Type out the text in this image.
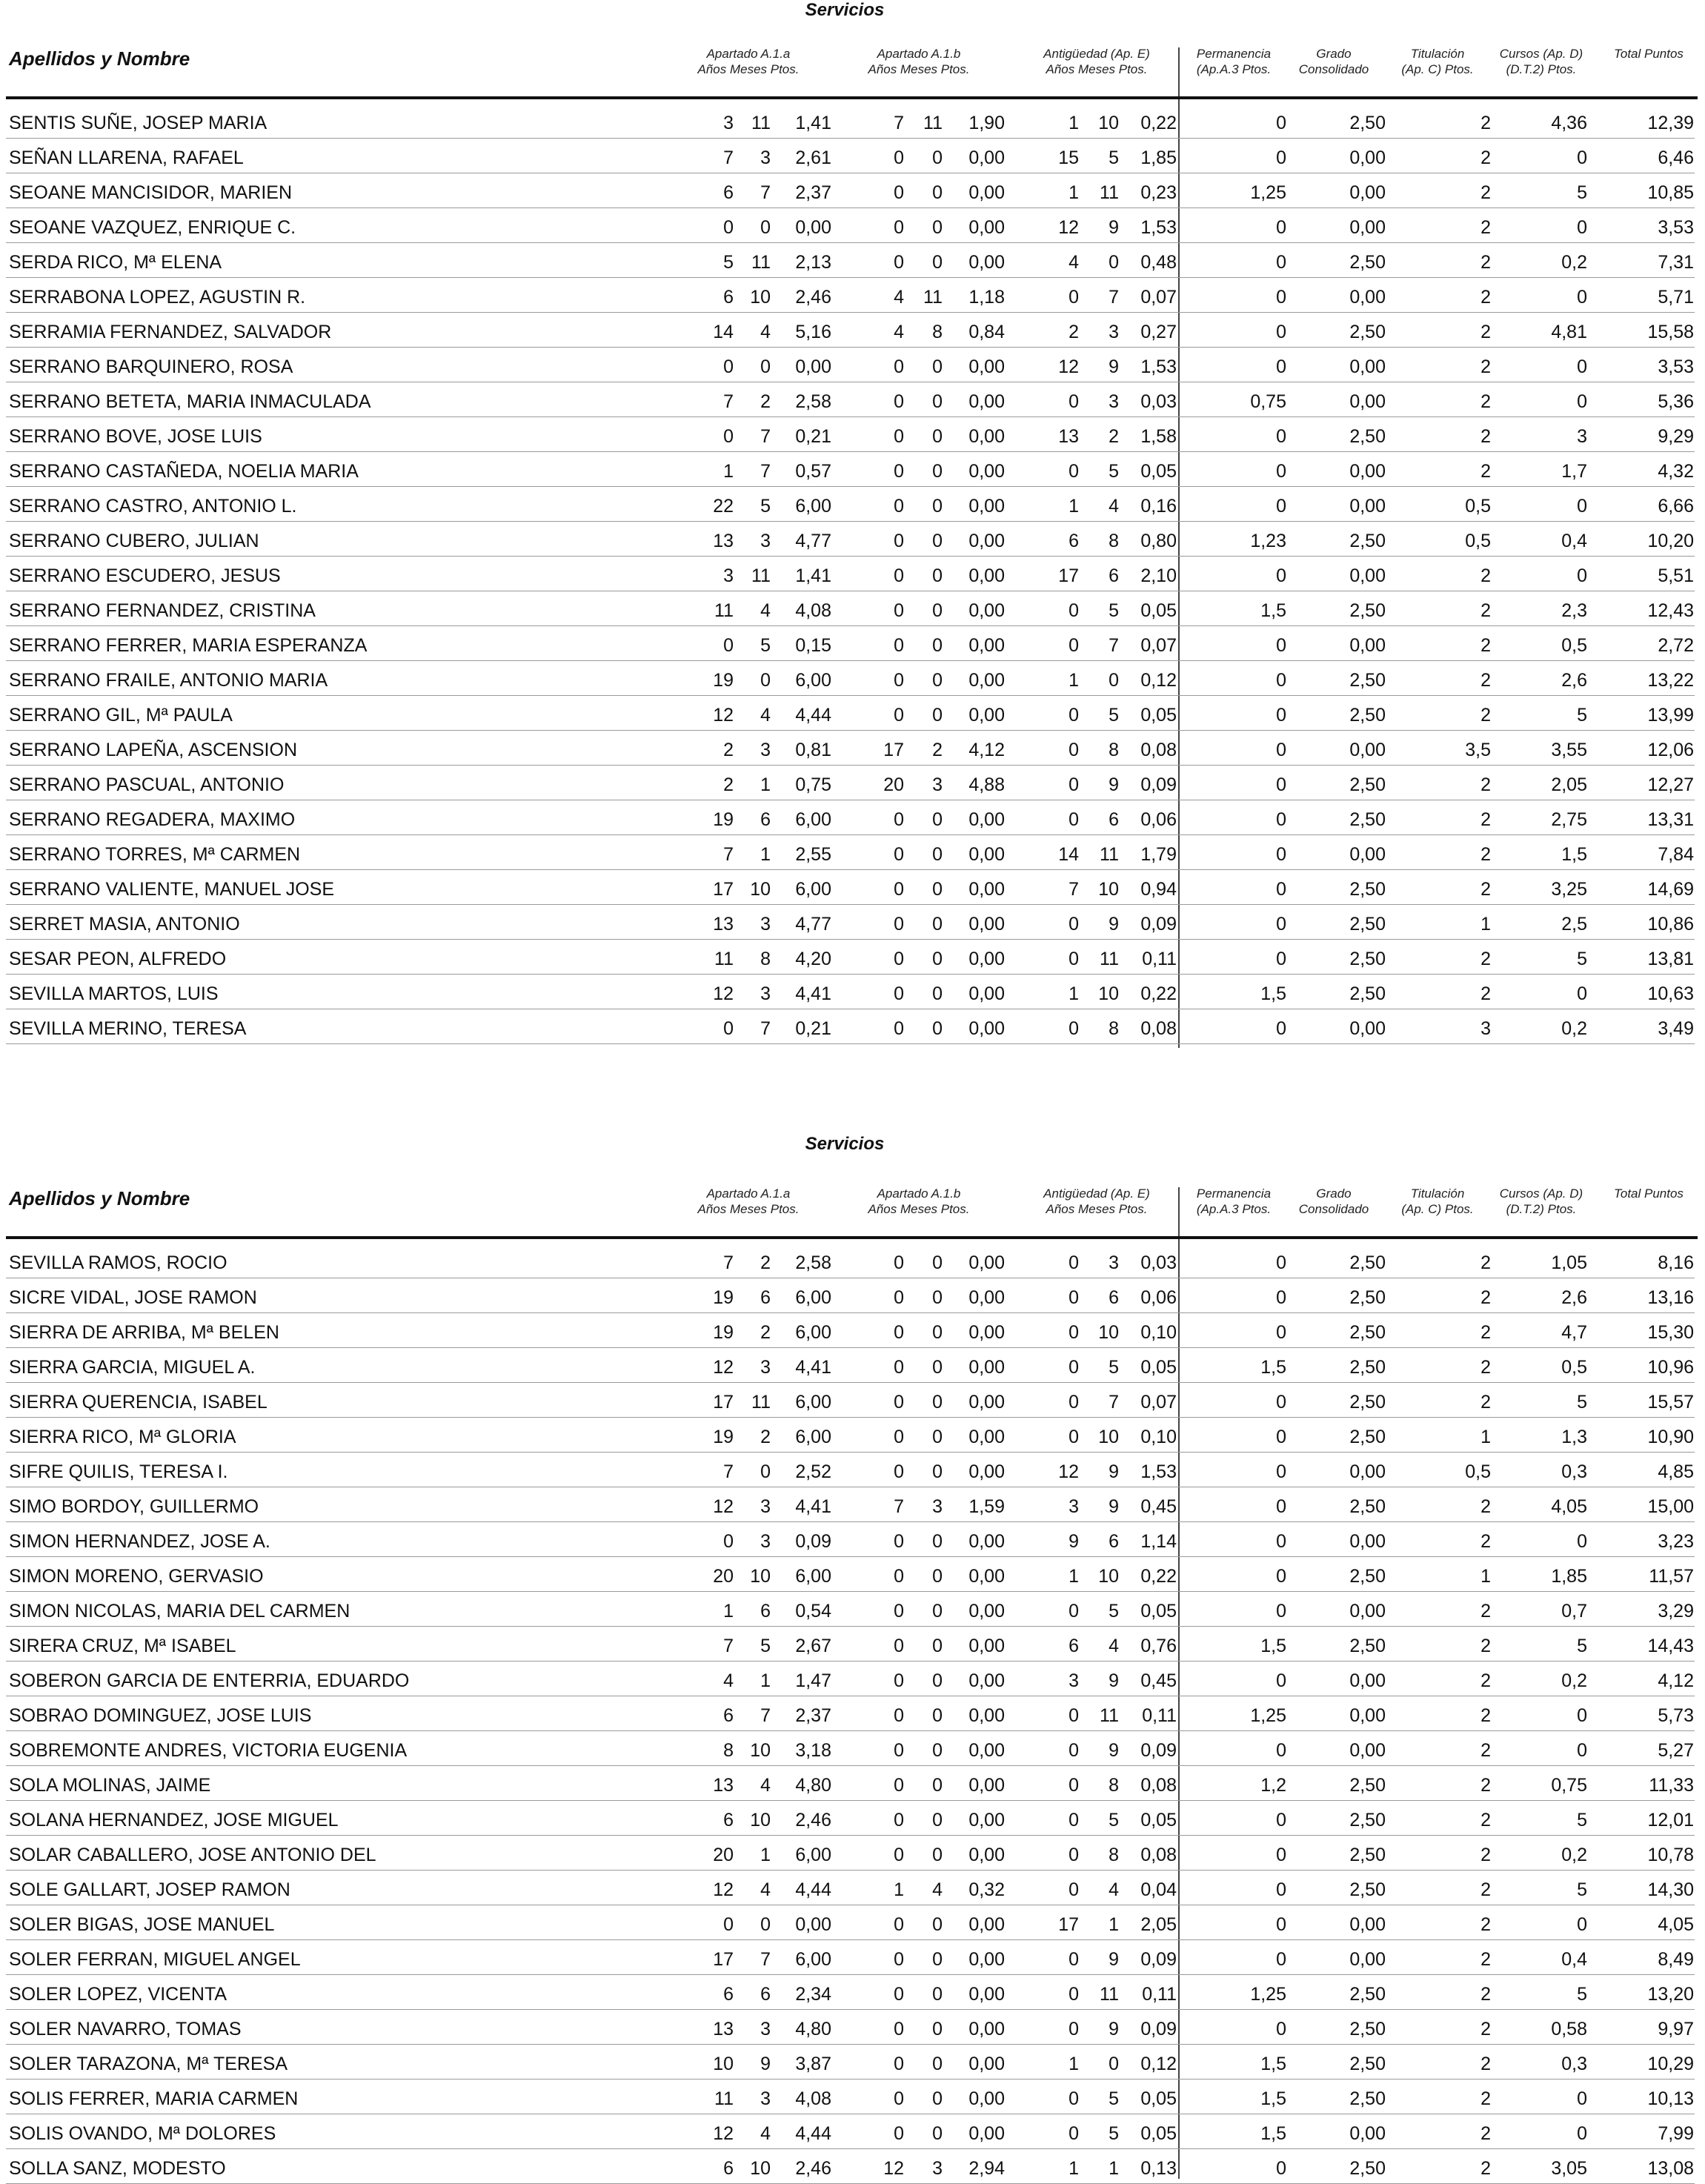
Servicios
Apellidos y Nombre	Apartado A.1.a
Años Meses Ptos.
Apartado A.1.b
Años Meses Ptos.
Antigüedad (Ap. E)
Años Meses Ptos.
Permanencia
(Ap.A.3 Ptos.
Grado
Consolidado
Titulación
(Ap. C) Ptos.
Cursos (Ap. D)
(D.T.2) Ptos.
Total Puntos
SENTIS SUÑE, JOSEP MARIA	3 11	1,41	7	11	1,90	1	10	0,22	0	2,50	2	4,36	12,39
SEÑAN LLARENA, RAFAEL	7	3	2,61	0	0	0,00	15	5	1,85	0	0,00	2	0	6,46
SEOANE MANCISIDOR, MARIEN	6	7	2,37	0	0	0,00	1	11	0,23	1,25	0,00	2	5	10,85
SEOANE VAZQUEZ, ENRIQUE C.	0	0	0,00	0	0	0,00	12	9	1,53	0	0,00	2	0	3,53
SERDA RICO, Mª ELENA	5 11	2,13	0	0	0,00	4	0	0,48	0	2,50	2	0,2	7,31
SERRABONA LOPEZ, AGUSTIN R.	6 10	2,46	4	11	1,18	0	7	0,07	0	0,00	2	0	5,71
SERRAMIA FERNANDEZ, SALVADOR	14	4	5,16	4	8	0,84	2	3	0,27	0	2,50	2	4,81	15,58
SERRANO BARQUINERO, ROSA	0	0	0,00	0	0	0,00	12	9	1,53	0	0,00	2	0	3,53
SERRANO BETETA, MARIA INMACULADA	7	2	2,58	0	0	0,00	0	3	0,03	0,75	0,00	2	0	5,36
SERRANO BOVE, JOSE LUIS	0	7	0,21	0	0	0,00	13	2	1,58	0	2,50	2	3	9,29
SERRANO CASTAÑEDA, NOELIA MARIA	1	7	0,57	0	0	0,00	0	5	0,05	0	0,00	2	1,7	4,32
SERRANO CASTRO, ANTONIO L.	22	5	6,00	0	0	0,00	1	4	0,16	0	0,00	0,5	0	6,66
SERRANO CUBERO, JULIAN	13	3	4,77	0	0	0,00	6	8	0,80	1,23	2,50	0,5	0,4	10,20
SERRANO ESCUDERO, JESUS	3 11	1,41	0	0	0,00	17	6	2,10	0	0,00	2	0	5,51
SERRANO FERNANDEZ, CRISTINA	11	4	4,08	0	0	0,00	0	5	0,05	1,5	2,50	2	2,3	12,43
SERRANO FERRER, MARIA ESPERANZA	0	5	0,15	0	0	0,00	0	7	0,07	0	0,00	2	0,5	2,72
SERRANO FRAILE, ANTONIO MARIA	19	0	6,00	0	0	0,00	1	0	0,12	0	2,50	2	2,6	13,22
SERRANO GIL, Mª PAULA	12	4	4,44	0	0	0,00	0	5	0,05	0	2,50	2	5	13,99
SERRANO LAPEÑA, ASCENSION	2	3	0,81	17	2	4,12	0	8	0,08	0	0,00	3,5	3,55	12,06
SERRANO PASCUAL, ANTONIO	2	1	0,75	20	3	4,88	0	9	0,09	0	2,50	2	2,05	12,27
SERRANO REGADERA, MAXIMO	19	6	6,00	0	0	0,00	0	6	0,06	0	2,50	2	2,75	13,31
SERRANO TORRES, Mª CARMEN	7	1	2,55	0	0	0,00	14	11	1,79	0	0,00	2	1,5	7,84
SERRANO VALIENTE, MANUEL JOSE	17 10	6,00	0	0	0,00	7	10	0,94	0	2,50	2	3,25	14,69
SERRET MASIA, ANTONIO	13	3	4,77	0	0	0,00	0	9	0,09	0	2,50	1	2,5	10,86
SESAR PEON, ALFREDO	11	8	4,20	0	0	0,00	0	11	0,11	0	2,50	2	5	13,81
SEVILLA MARTOS, LUIS	12	3	4,41	0	0	0,00	1	10	0,22	1,5	2,50	2	0	10,63
SEVILLA MERINO, TERESA	0	7	0,21	0	0	0,00	0	8	0,08	0	0,00	3	0,2	3,49
Servicios
Apellidos y Nombre	Apartado A.1.a
Años Meses Ptos.
Apartado A.1.b
Años Meses Ptos.
Antigüedad (Ap. E)
Años Meses Ptos.
Permanencia
(Ap.A.3 Ptos.
Grado
Consolidado
Titulación
(Ap. C) Ptos.
Cursos (Ap. D)
(D.T.2) Ptos.
Total Puntos
SEVILLA RAMOS, ROCIO	7	2	2,58	0	0	0,00	0	3	0,03	0	2,50	2	1,05	8,16
SICRE VIDAL, JOSE RAMON	19	6	6,00	0	0	0,00	0	6	0,06	0	2,50	2	2,6	13,16
SIERRA DE ARRIBA, Mª BELEN	19	2	6,00	0	0	0,00	0	10	0,10	0	2,50	2	4,7	15,30
SIERRA GARCIA, MIGUEL A.	12	3	4,41	0	0	0,00	0	5	0,05	1,5	2,50	2	0,5	10,96
SIERRA QUERENCIA, ISABEL	17 11	6,00	0	0	0,00	0	7	0,07	0	2,50	2	5	15,57
SIERRA RICO, Mª GLORIA	19	2	6,00	0	0	0,00	0	10	0,10	0	2,50	1	1,3	10,90
SIFRE QUILIS, TERESA I.	7	0	2,52	0	0	0,00	12	9	1,53	0	0,00	0,5	0,3	4,85
SIMO BORDOY, GUILLERMO	12	3	4,41	7	3	1,59	3	9	0,45	0	2,50	2	4,05	15,00
SIMON HERNANDEZ, JOSE A.	0	3	0,09	0	0	0,00	9	6	1,14	0	0,00	2	0	3,23
SIMON MORENO, GERVASIO	20 10	6,00	0	0	0,00	1	10	0,22	0	2,50	1	1,85	11,57
SIMON NICOLAS, MARIA DEL CARMEN	1	6	0,54	0	0	0,00	0	5	0,05	0	0,00	2	0,7	3,29
SIRERA CRUZ, Mª ISABEL	7	5	2,67	0	0	0,00	6	4	0,76	1,5	2,50	2	5	14,43
SOBERON GARCIA DE ENTERRIA, EDUARDO	4	1	1,47	0	0	0,00	3	9	0,45	0	0,00	2	0,2	4,12
SOBRAO DOMINGUEZ, JOSE LUIS	6	7	2,37	0	0	0,00	0	11	0,11	1,25	0,00	2	0	5,73
SOBREMONTE ANDRES, VICTORIA EUGENIA	8 10	3,18	0	0	0,00	0	9	0,09	0	0,00	2	0	5,27
SOLA MOLINAS, JAIME	13	4	4,80	0	0	0,00	0	8	0,08	1,2	2,50	2	0,75	11,33
SOLANA HERNANDEZ, JOSE MIGUEL	6 10	2,46	0	0	0,00	0	5	0,05	0	2,50	2	5	12,01
SOLAR CABALLERO, JOSE ANTONIO DEL	20	1	6,00	0	0	0,00	0	8	0,08	0	2,50	2	0,2	10,78
SOLE GALLART, JOSEP RAMON	12	4	4,44	1	4	0,32	0	4	0,04	0	2,50	2	5	14,30
SOLER BIGAS, JOSE MANUEL	0	0	0,00	0	0	0,00	17	1	2,05	0	0,00	2	0	4,05
SOLER FERRAN, MIGUEL ANGEL	17	7	6,00	0	0	0,00	0	9	0,09	0	0,00	2	0,4	8,49
SOLER LOPEZ, VICENTA	6	6	2,34	0	0	0,00	0	11	0,11	1,25	2,50	2	5	13,20
SOLER NAVARRO, TOMAS	13	3	4,80	0	0	0,00	0	9	0,09	0	2,50	2	0,58	9,97
SOLER TARAZONA, Mª TERESA	10	9	3,87	0	0	0,00	1	0	0,12	1,5	2,50	2	0,3	10,29
SOLIS FERRER, MARIA CARMEN	11	3	4,08	0	0	0,00	0	5	0,05	1,5	2,50	2	0	10,13
SOLIS OVANDO, Mª DOLORES	12	4	4,44	0	0	0,00	0	5	0,05	1,5	0,00	2	0	7,99
SOLLA SANZ, MODESTO	6 10	2,46	12	3	2,94	1	1	0,13	0	2,50	2	3,05	13,08
